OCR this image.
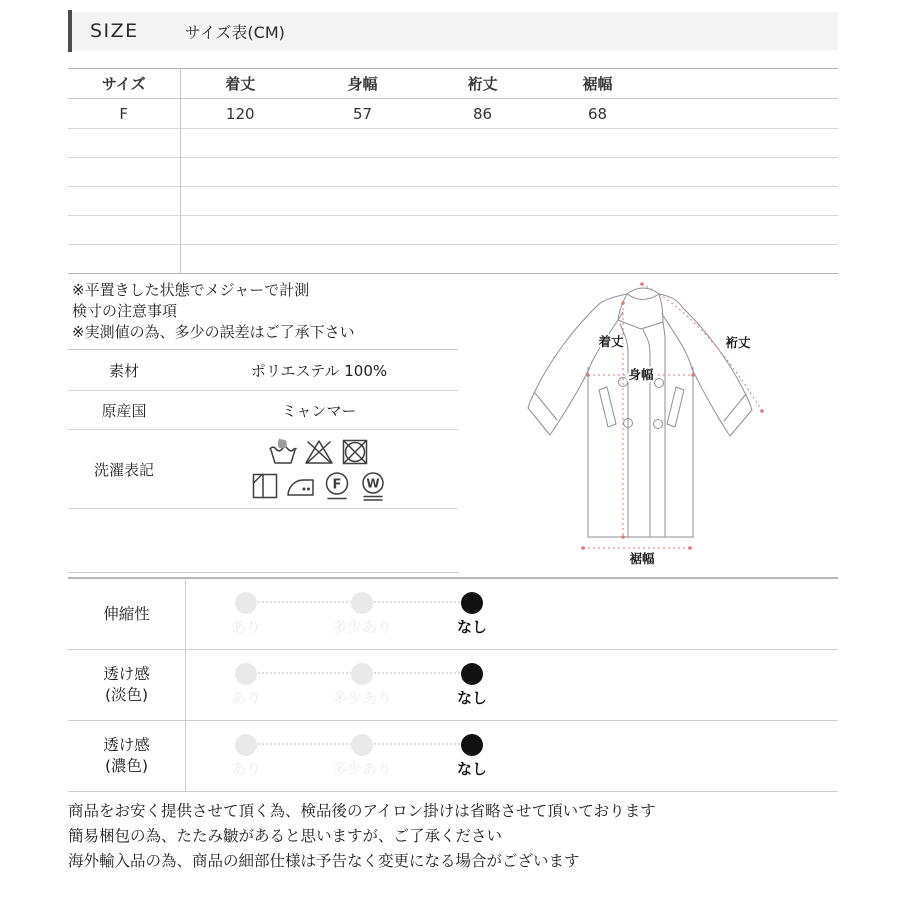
SIZE	サイズ表(CM)
サイズ	着丈	身幅	裄丈	裾幅	
F	120	57	86	68	

※平置きした状態でメジャーで計測
検寸の注意事項
※実測値の為、多少の誤差はご了承下さい
素材	ポリエステル 100%
原産国	ミャンマー
洗濯表記
F W
着丈	裄丈
身幅
裾幅
伸縮性
あり	多少あり	なし
透け感
(淡色)	あり	多少あり	なし
透け感
(濃色)	あり	多少あり	なし
商品をお安く提供させて頂く為、検品後のアイロン掛けは省略させて頂いております
簡易梱包の為、たたみ皺があると思いますが、ご了承ください
海外輸入品の為、商品の細部仕様は予告なく変更になる場合がございます
